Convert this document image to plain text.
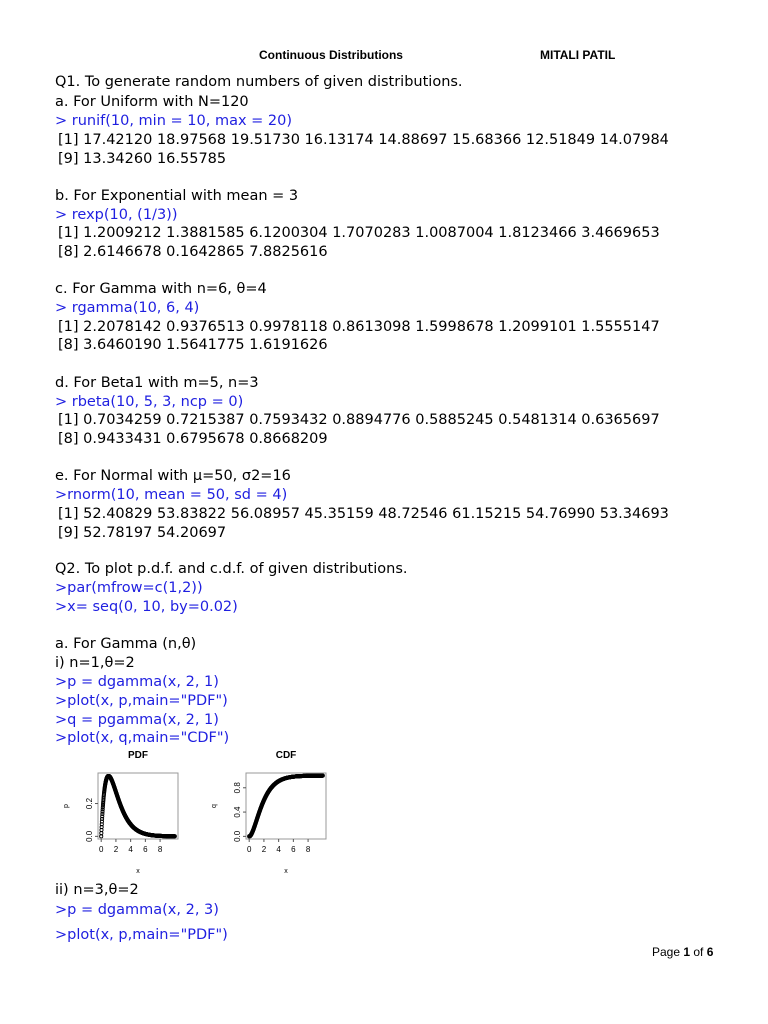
Continuous Distributions	MITALI PATIL
Q1. To generate random numbers of given distributions.
a. For Uniform with N=120
> runif(10, min = 10, max = 20)
[1] 17.42120 18.97568 19.51730 16.13174 14.88697 15.68366 12.51849 14.07984
[9] 13.34260 16.55785
b. For Exponential with mean = 3
> rexp(10, (1/3))
[1] 1.2009212 1.3881585 6.1200304 1.7070283 1.0087004 1.8123466 3.4669653
[8] 2.6146678 0.1642865 7.8825616
c. For Gamma with n=6, θ=4
> rgamma(10, 6, 4)
[1] 2.2078142 0.9376513 0.9978118 0.8613098 1.5998678 1.2099101 1.5555147
[8] 3.6460190 1.5641775 1.6191626
d. For Beta1 with m=5, n=3
> rbeta(10, 5, 3, ncp = 0)
[1] 0.7034259 0.7215387 0.7593432 0.8894776 0.5885245 0.5481314 0.6365697
[8] 0.9433431 0.6795678 0.8668209
e. For Normal with μ=50, σ2=16
>rnorm(10, mean = 50, sd = 4)
[1] 52.40829 53.83822 56.08957 45.35159 48.72546 61.15215 54.76990 53.34693
[9] 52.78197 54.20697
Q2. To plot p.d.f. and c.d.f. of given distributions.
>par(mfrow=c(1,2))
>x= seq(0, 10, by=0.02)
a. For Gamma (n,θ)
i) n=1,θ=2
>p = dgamma(x, 2, 1)
>plot(x, p,main="PDF")
>q = pgamma(x, 2, 1)
>plot(x, q,main="CDF")
ii) n=3,θ=2
>p = dgamma(x, 2, 3)
>plot(x, p,main="PDF")
PDF
0 2 4 6 8
x
0.0
0.2
p
CDF
0 2 4 6 8
x
0.0
0.4
0.8
q
Page 1 of 6
